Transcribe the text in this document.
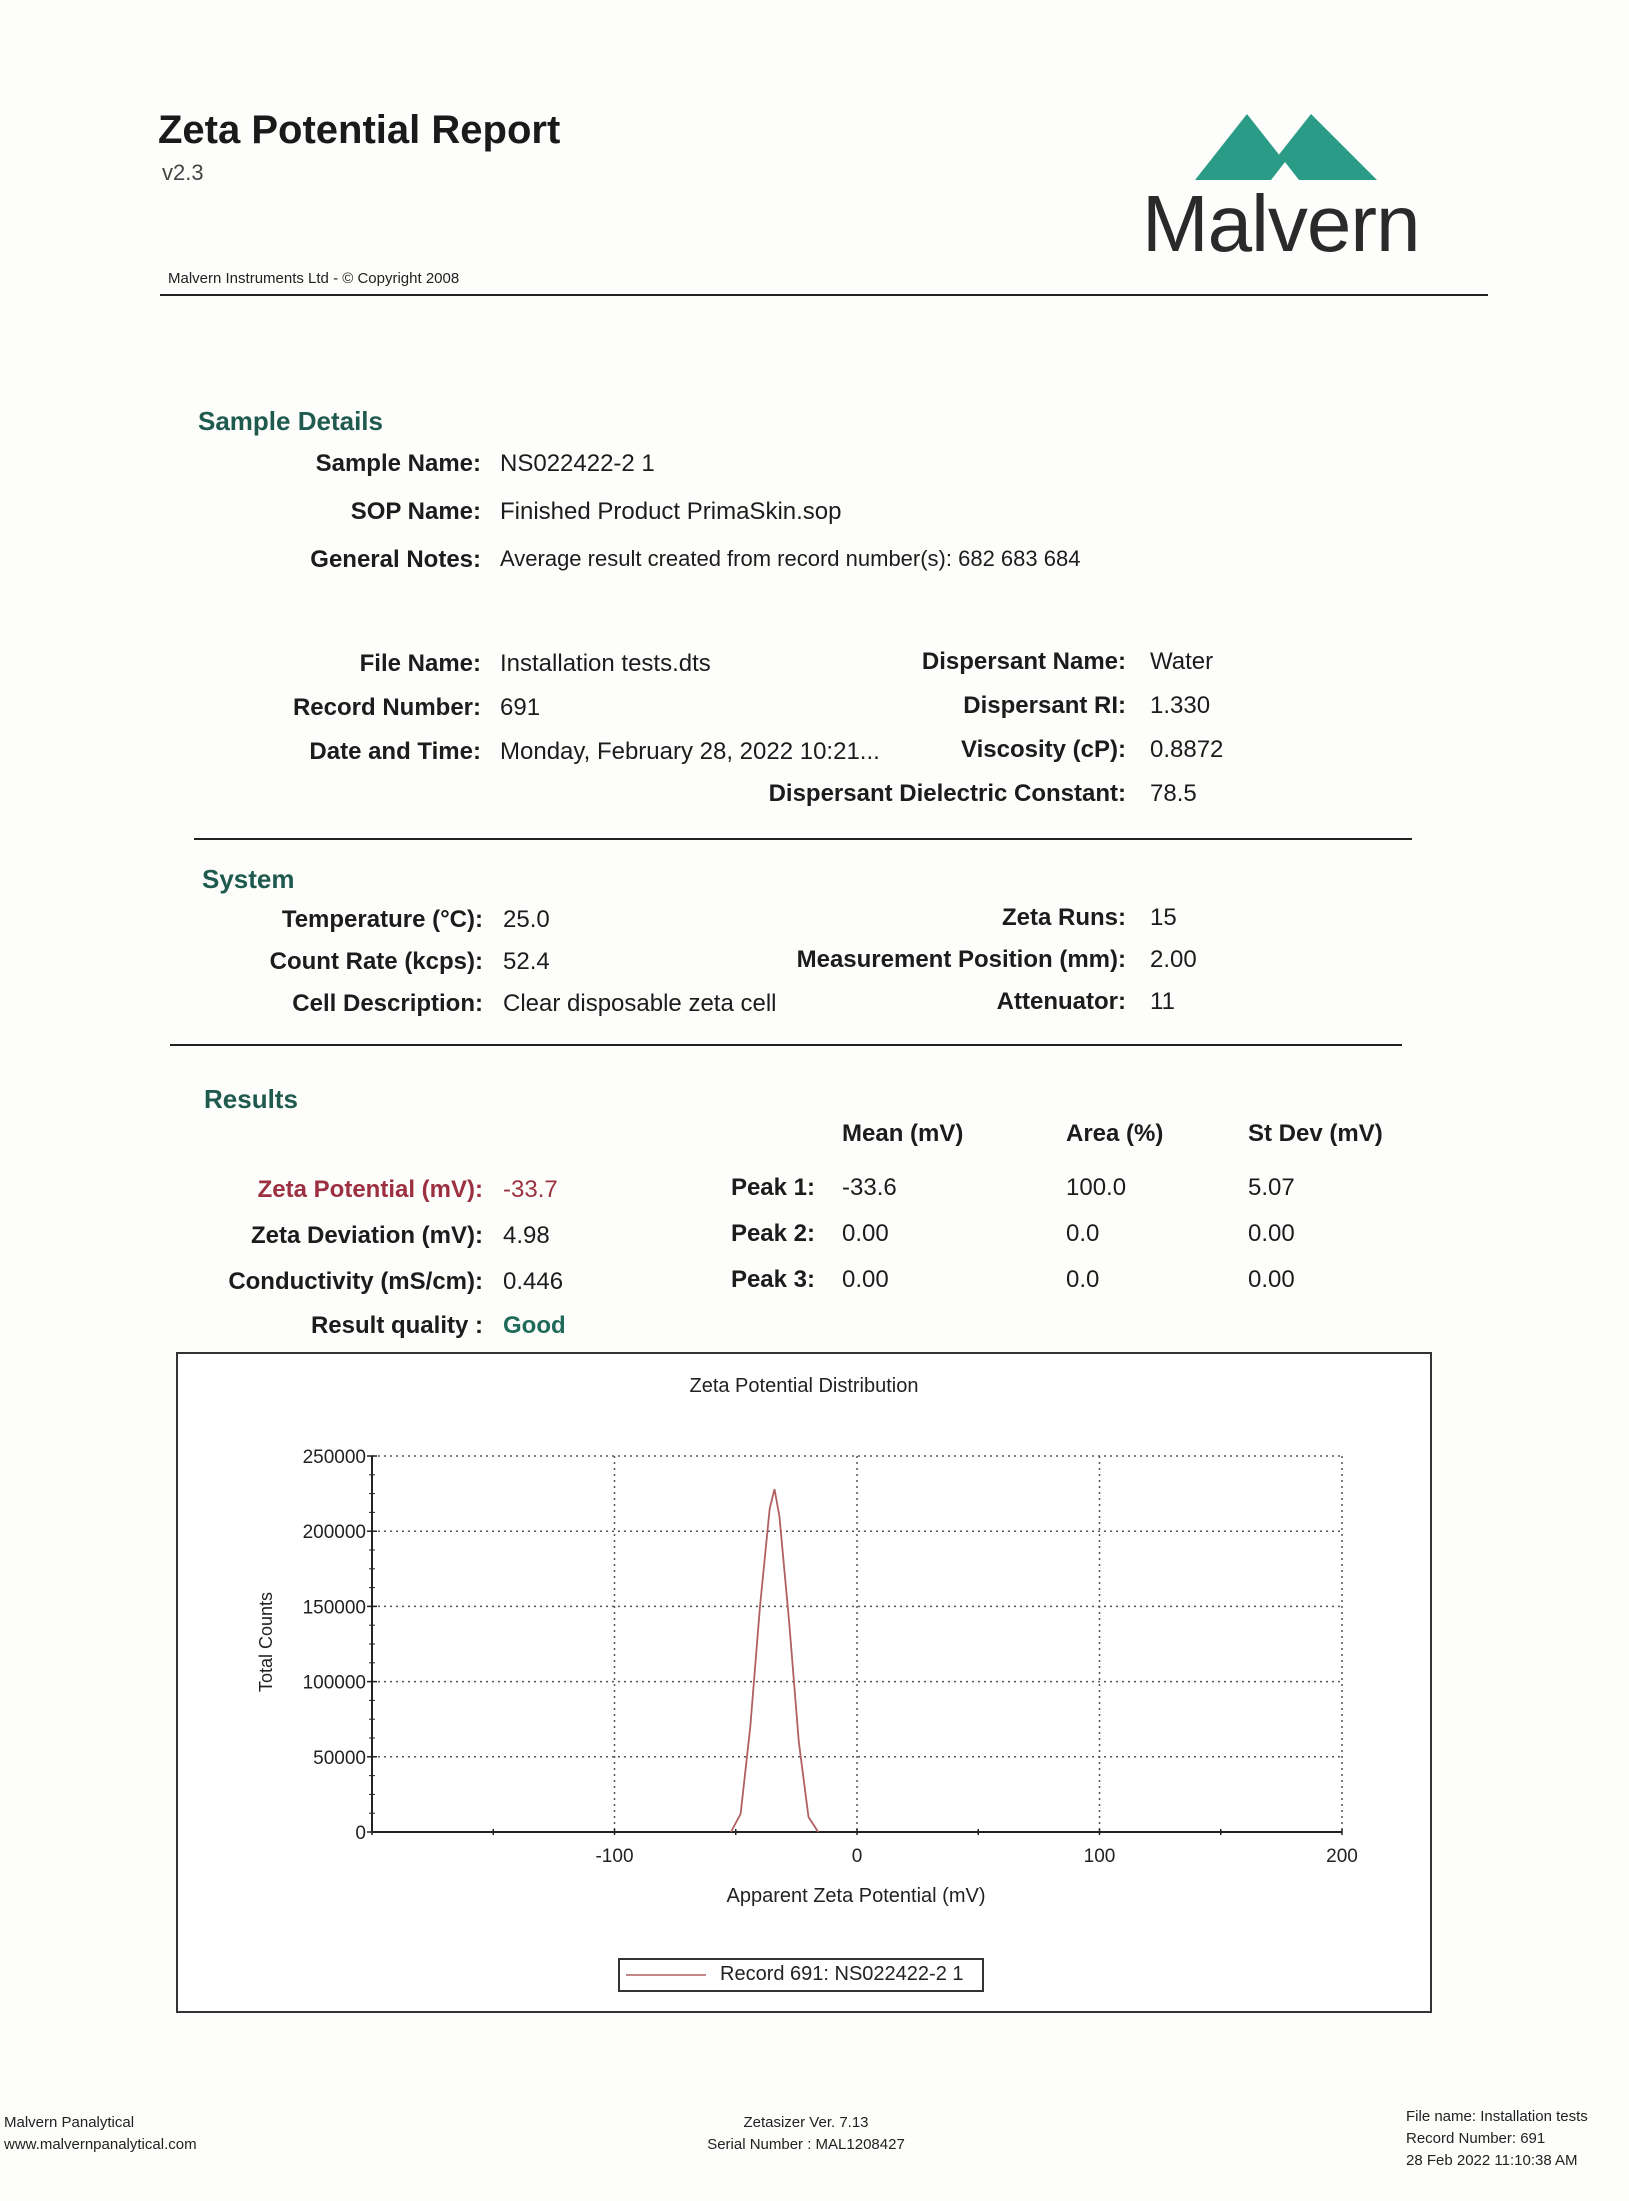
Zeta Potential Report
v2.3
Malvern Instruments Ltd - © Copyright 2008
Malvern
Sample Details
Sample Name: NS022422-2 1
SOP Name: Finished Product PrimaSkin.sop
General Notes: Average result created from record number(s): 682 683 684
File Name: Installation tests.dts
Record Number: 691
Date and Time: Monday, February 28, 2022 10:21...
Dispersant Name: Water
Dispersant RI: 1.330
Viscosity (cP): 0.8872
Dispersant Dielectric Constant: 78.5
System
Temperature (°C): 25.0
Count Rate (kcps): 52.4
Cell Description: Clear disposable zeta cell
Zeta Runs: 15
Measurement Position (mm): 2.00
Attenuator: 11
Results
Mean (mV)	Area (%)	St Dev (mV)
Zeta Potential (mV): -33.7
Zeta Deviation (mV): 4.98
Conductivity (mS/cm): 0.446
Result quality : Good
Peak 1: -33.6	100.0	5.07
Peak 2: 0.00	0.0	0.00
Peak 3: 0.00	0.0	0.00
Zeta Potential Distribution
Apparent Zeta Potential (mV)
Total Counts
0
50000
100000
150000
200000
250000
-100	0	100	200
Record 691: NS022422-2 1
Malvern Panalytical
www.malvernpanalytical.com
Zetasizer Ver. 7.13
Serial Number : MAL1208427
File name: Installation tests
Record Number: 691
28 Feb 2022 11:10:38 AM
